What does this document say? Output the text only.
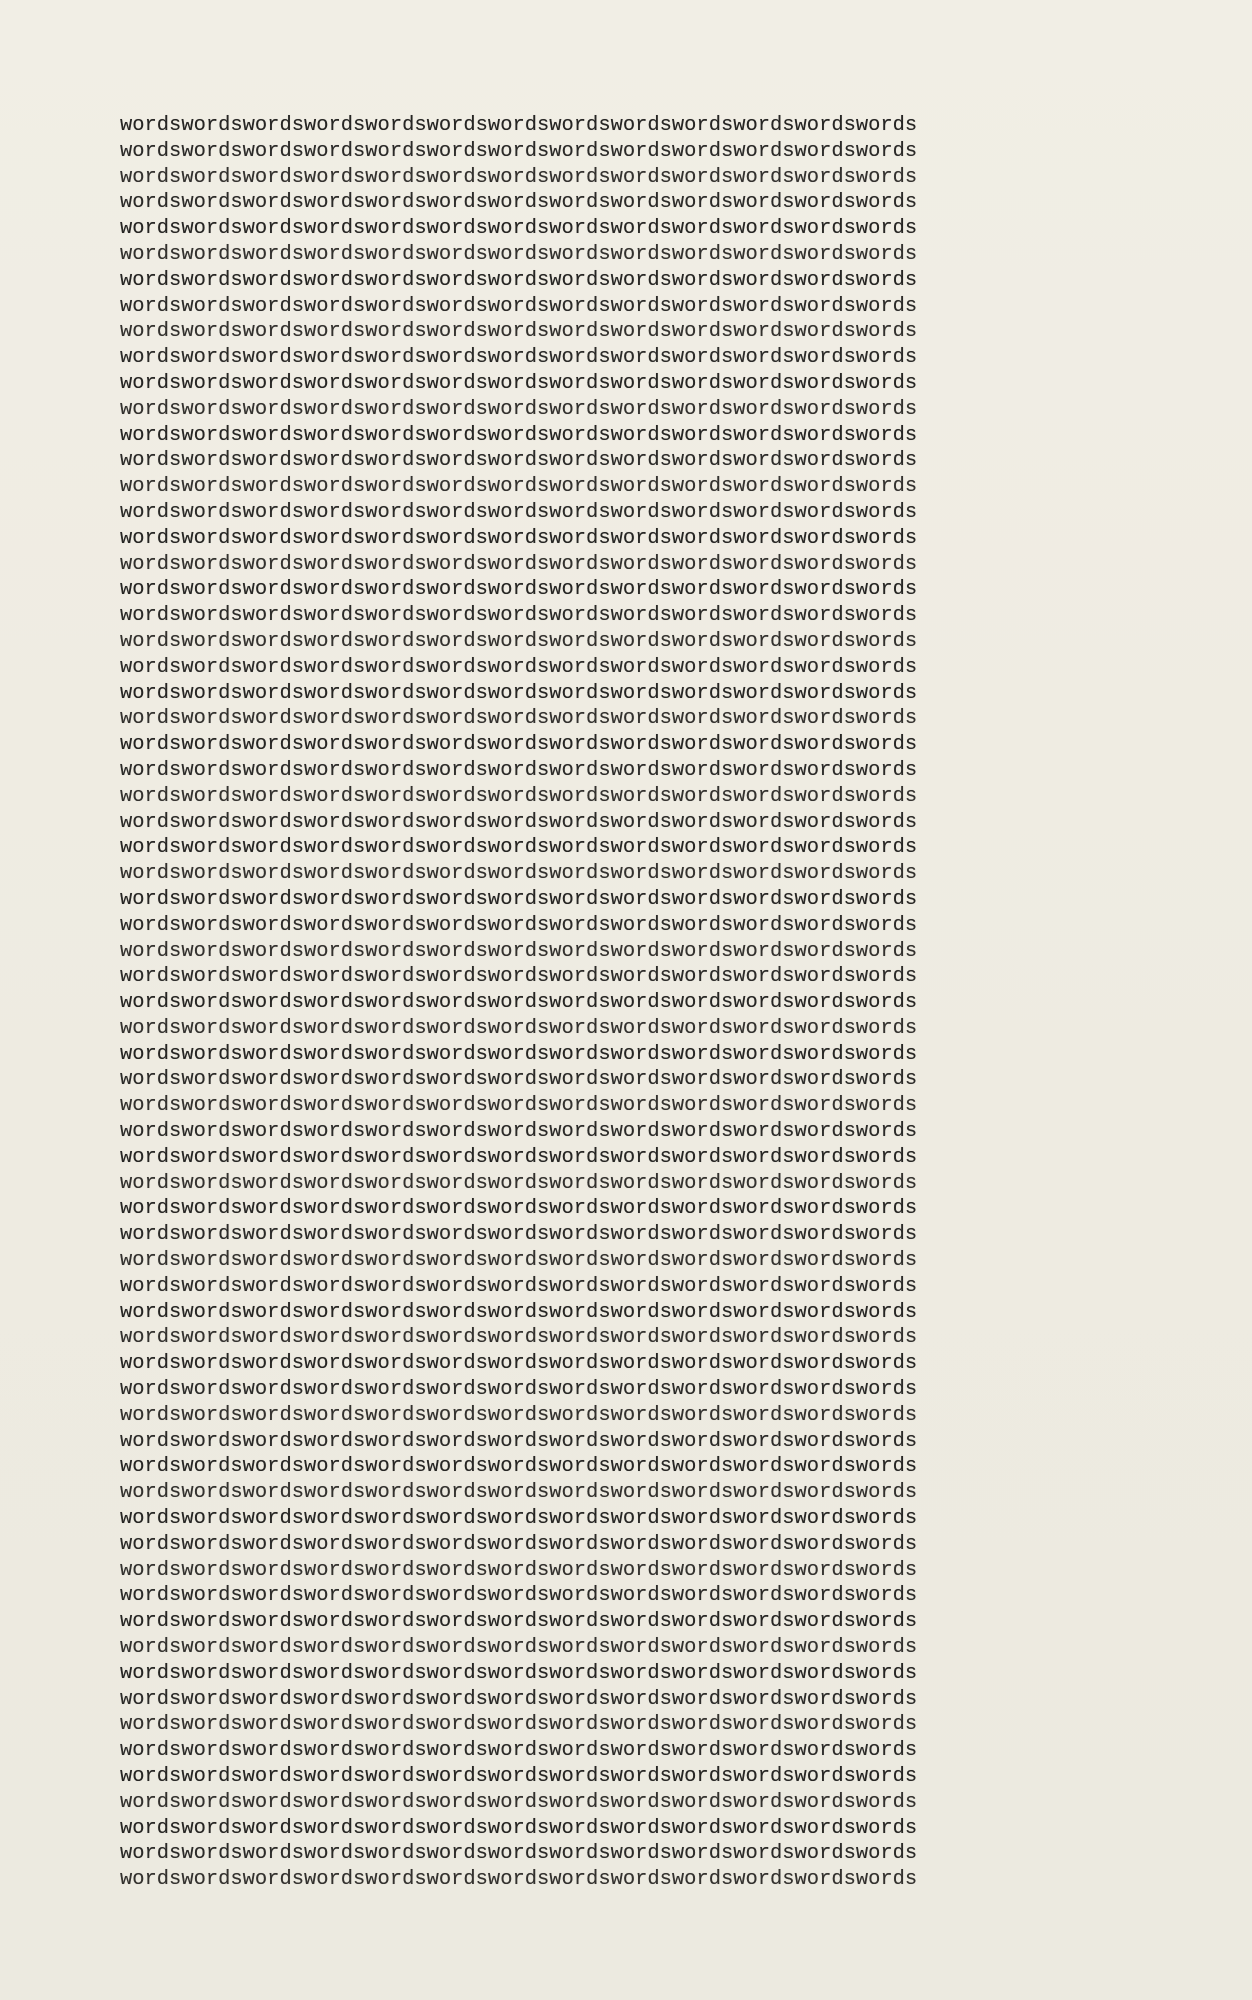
wordswordswordswordswordswordswordswordswordswordswordswordswords
wordswordswordswordswordswordswordswordswordswordswordswordswords
wordswordswordswordswordswordswordswordswordswordswordswordswords
wordswordswordswordswordswordswordswordswordswordswordswordswords
wordswordswordswordswordswordswordswordswordswordswordswordswords
wordswordswordswordswordswordswordswordswordswordswordswordswords
wordswordswordswordswordswordswordswordswordswordswordswordswords
wordswordswordswordswordswordswordswordswordswordswordswordswords
wordswordswordswordswordswordswordswordswordswordswordswordswords
wordswordswordswordswordswordswordswordswordswordswordswordswords
wordswordswordswordswordswordswordswordswordswordswordswordswords
wordswordswordswordswordswordswordswordswordswordswordswordswords
wordswordswordswordswordswordswordswordswordswordswordswordswords
wordswordswordswordswordswordswordswordswordswordswordswordswords
wordswordswordswordswordswordswordswordswordswordswordswordswords
wordswordswordswordswordswordswordswordswordswordswordswordswords
wordswordswordswordswordswordswordswordswordswordswordswordswords
wordswordswordswordswordswordswordswordswordswordswordswordswords
wordswordswordswordswordswordswordswordswordswordswordswordswords
wordswordswordswordswordswordswordswordswordswordswordswordswords
wordswordswordswordswordswordswordswordswordswordswordswordswords
wordswordswordswordswordswordswordswordswordswordswordswordswords
wordswordswordswordswordswordswordswordswordswordswordswordswords
wordswordswordswordswordswordswordswordswordswordswordswordswords
wordswordswordswordswordswordswordswordswordswordswordswordswords
wordswordswordswordswordswordswordswordswordswordswordswordswords
wordswordswordswordswordswordswordswordswordswordswordswordswords
wordswordswordswordswordswordswordswordswordswordswordswordswords
wordswordswordswordswordswordswordswordswordswordswordswordswords
wordswordswordswordswordswordswordswordswordswordswordswordswords
wordswordswordswordswordswordswordswordswordswordswordswordswords
wordswordswordswordswordswordswordswordswordswordswordswordswords
wordswordswordswordswordswordswordswordswordswordswordswordswords
wordswordswordswordswordswordswordswordswordswordswordswordswords
wordswordswordswordswordswordswordswordswordswordswordswordswords
wordswordswordswordswordswordswordswordswordswordswordswordswords
wordswordswordswordswordswordswordswordswordswordswordswordswords
wordswordswordswordswordswordswordswordswordswordswordswordswords
wordswordswordswordswordswordswordswordswordswordswordswordswords
wordswordswordswordswordswordswordswordswordswordswordswordswords
wordswordswordswordswordswordswordswordswordswordswordswordswords
wordswordswordswordswordswordswordswordswordswordswordswordswords
wordswordswordswordswordswordswordswordswordswordswordswordswords
wordswordswordswordswordswordswordswordswordswordswordswordswords
wordswordswordswordswordswordswordswordswordswordswordswordswords
wordswordswordswordswordswordswordswordswordswordswordswordswords
wordswordswordswordswordswordswordswordswordswordswordswordswords
wordswordswordswordswordswordswordswordswordswordswordswordswords
wordswordswordswordswordswordswordswordswordswordswordswordswords
wordswordswordswordswordswordswordswordswordswordswordswordswords
wordswordswordswordswordswordswordswordswordswordswordswordswords
wordswordswordswordswordswordswordswordswordswordswordswordswords
wordswordswordswordswordswordswordswordswordswordswordswordswords
wordswordswordswordswordswordswordswordswordswordswordswordswords
wordswordswordswordswordswordswordswordswordswordswordswordswords
wordswordswordswordswordswordswordswordswordswordswordswordswords
wordswordswordswordswordswordswordswordswordswordswordswordswords
wordswordswordswordswordswordswordswordswordswordswordswordswords
wordswordswordswordswordswordswordswordswordswordswordswordswords
wordswordswordswordswordswordswordswordswordswordswordswordswords
wordswordswordswordswordswordswordswordswordswordswordswordswords
wordswordswordswordswordswordswordswordswordswordswordswordswords
wordswordswordswordswordswordswordswordswordswordswordswordswords
wordswordswordswordswordswordswordswordswordswordswordswordswords
wordswordswordswordswordswordswordswordswordswordswordswordswords
wordswordswordswordswordswordswordswordswordswordswordswordswords
wordswordswordswordswordswordswordswordswordswordswordswordswords
wordswordswordswordswordswordswordswordswordswordswordswordswords
wordswordswordswordswordswordswordswordswordswordswordswordswords
